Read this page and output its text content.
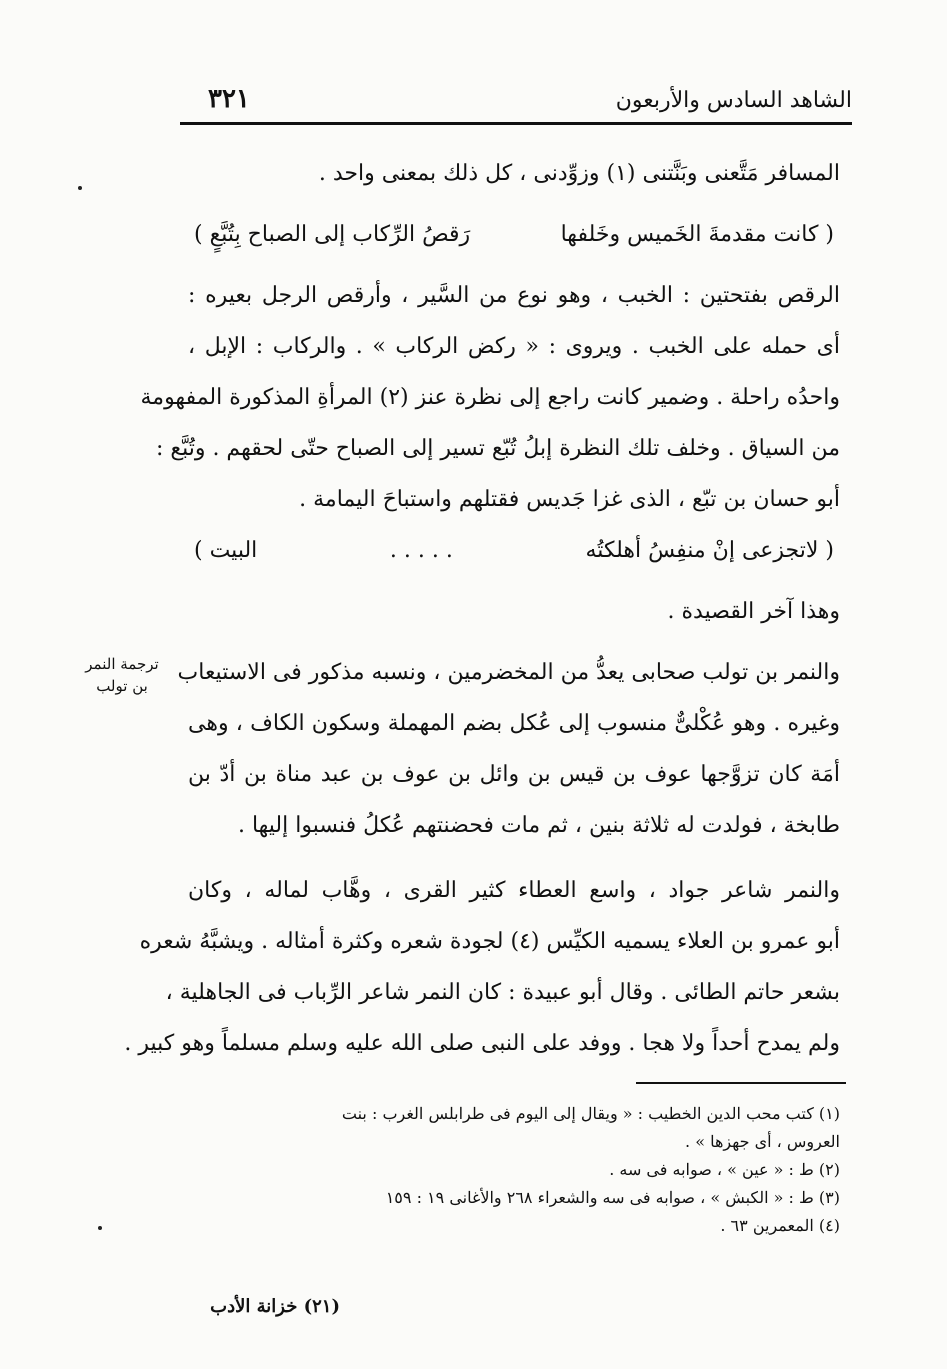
الشاهد السادس والأربعون
٣٢١
ترجمة النمر
بن تولب
المسافر مَتَّعنى وبَنَّتنى (١) وزوِّدنى ، كل ذلك بمعنى واحد .
( كانت مقدمةَ الخَميس وخَلفها
رَقصُ الرِّكاب إلى الصباح بِتُبَّعٍ )
الرقص بفتحتين : الخبب ، وهو نوع من السَّير ، وأرقص الرجل بعيره :
أى حمله على الخبب . ويروى : « ركض الركاب » . والركاب : الإبل ،
واحدُه راحلة . وضمير كانت راجع إلى نظرة عنز (٢) المرأةِ المذكورة المفهومة
من السياق . وخلف تلك النظرة إبلُ تُبّع تسير إلى الصباح حتّى لحقهم . وتُبَّع :
أبو حسان بن تبّع ، الذى غزا جَديس فقتلهم واستباحَ اليمامة .
( لاتجزعى إنْ منفِسُ أهلكتُه
. . . . .
البيت )
وهذا آخر القصيدة .
والنمر بن تولب صحابى يعدُّ من المخضرمين ، ونسبه مذكور فى الاستيعاب
وغيره . وهو عُكْلىٌّ منسوب إلى عُكل بضم المهملة وسكون الكاف ، وهى
أمَة كان تزوَّجها عوف بن قيس بن وائل بن عوف بن عبد مناة بن أدّ بن
طابخة ، فولدت له ثلاثة بنين ، ثم مات فحضنتهم عُكلُ فنسبوا إليها .
والنمر شاعر جواد ، واسع العطاء كثير القرى ، وهَّاب لماله ، وكان
أبو عمرو بن العلاء يسميه الكيِّس (٤) لجودة شعره وكثرة أمثاله . ويشبَّهُ شعره
بشعر حاتم الطائى . وقال أبو عبيدة : كان النمر شاعر الرِّباب فى الجاهلية ،
ولم يمدح أحداً ولا هجا . ووفد على النبى صلى الله عليه وسلم مسلماً وهو كبير .
(١) كتب محب الدين الخطيب : « ويقال إلى اليوم فى طرابلس الغرب : بنت
العروس ، أى جهزها » .
(٢) ط : « عين » ، صوابه فى سه .
(٣) ط : « الكبش » ، صوابه فى سه والشعراء ٢٦٨ والأغانى ١٩ : ١٥٩
(٤) المعمرين ٦٣ .
(٢١) خزانة الأدب
